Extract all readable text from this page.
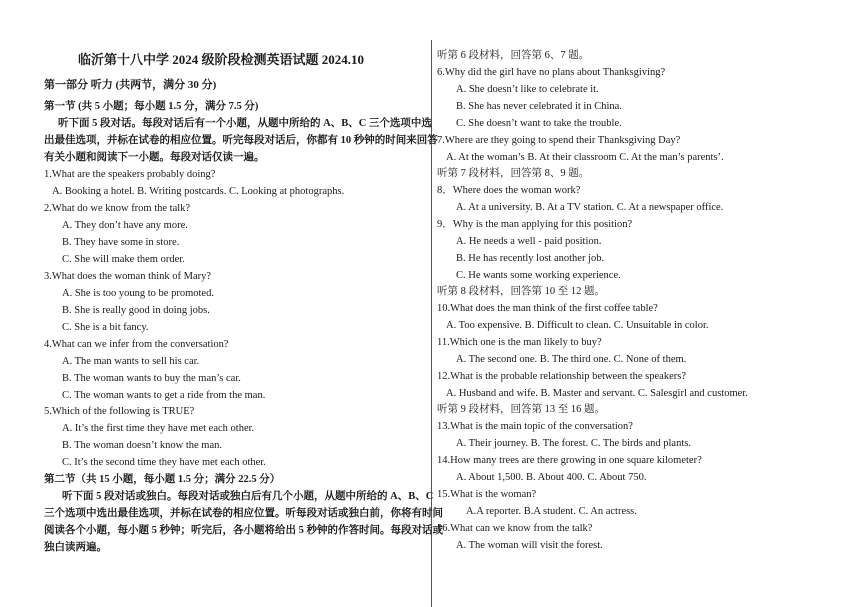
临沂第十八中学 2024 级阶段检测英语试题 2024.10
第一部分 听力 (共两节，满分 30 分)
第一节 (共 5 小题；每小题 1.5 分，满分 7.5 分)
听下面 5 段对话。每段对话后有一个小题，从题中所给的 A、B、C 三个选项中选
出最佳选项，并标在试卷的相应位置。听完每段对话后，你都有 10 秒钟的时间来回答
有关小题和阅读下一小题。每段对话仅读一遍。
1.What are the speakers probably doing?
A. Booking a hotel. B. Writing postcards. C. Looking at photographs.
2.What do we know from the talk?
A. They don’t have any more.
B. They have some in store.
C. She will make them order.
3.What does the woman think of Mary?
A. She is too young to be promoted.
B. She is really good in doing jobs.
C. She is a bit fancy.
4.What can we infer from the conversation?
A. The man wants to sell his car.
B. The woman wants to buy the man’s car.
C. The woman wants to get a ride from the man.
5.Which of the following is TRUE?
A. It’s the first time they have met each other.
B. The woman doesn’t know the man.
C. It’s the second time they have met each other.
第二节（共 15 小题，每小题 1.5 分；满分 22.5 分）
听下面 5 段对话或独白。每段对话或独白后有几个小题，从题中所给的 A、B、C
三个选项中选出最佳选项，并标在试卷的相应位置。听每段对话或独白前，你将有时间
阅读各个小题，每小题 5 秒钟；听完后，各小题将给出 5 秒钟的作答时间。每段对话或
独白读两遍。
听第 6 段材料，回答第 6、7 题。
6.Why did the girl have no plans about Thanksgiving?
A. She doesn’t like to celebrate it.
B. She has never celebrated it in China.
C. She doesn’t want to take the trouble.
7.Where are they going to spend their Thanksgiving Day?
A. At the woman’s B. At their classroom C. At the man’s parents’.
听第 7 段材料，回答第 8、9 题。
8．Where does the woman work?
A. At a university. B. At a TV station. C. At a newspaper office.
9．Why is the man applying for this position?
A. He needs a well - paid position.
B. He has recently lost another job.
C. He wants some working experience.
听第 8 段材料，回答第 10 至 12 题。
10.What does the man think of the first coffee table?
A. Too expensive. B. Difficult to clean. C. Unsuitable in color.
11.Which one is the man likely to buy?
A. The second one. B. The third one. C. None of them.
12.What is the probable relationship between the speakers?
A. Husband and wife. B. Master and servant. C. Salesgirl and customer.
听第 9 段材料，回答第 13 至 16 题。
13.What is the main topic of the conversation?
A. Their journey. B. The forest. C. The birds and plants.
14.How many trees are there growing in one square kilometer?
A. About 1,500. B. About 400. C. About 750.
15.What is the woman?
A.A reporter. B.A student. C. An actress.
16.What can we know from the talk?
A. The woman will visit the forest.
